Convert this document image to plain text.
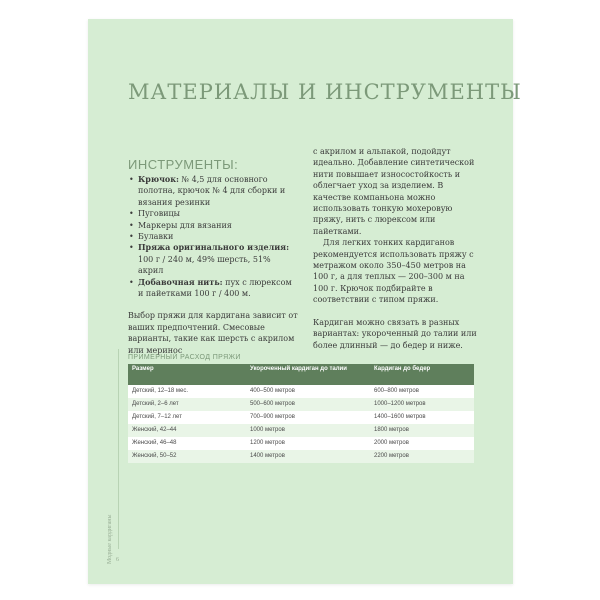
6
Модные кардиганы
МАТЕРИАЛЫ И ИНСТРУМЕНТЫ
ИНСТРУМЕНТЫ:
• Крючок: № 4,5 для основного полотна, крючок № 4 для сборки и вязания резинки
• Пуговицы
• Маркеры для вязания
• Булавки
• Пряжа оригинального изделия: 100 г / 240 м, 49% шерсть, 51% акрил
• Добавочная нить: пух с люрексом и пайетками 100 г / 400 м.

Выбор пряжи для кардигана зависит от ваших предпочтений. Смесовые варианты, такие как шерсть с акрилом или меринос

с акрилом и альпакой, подойдут идеально. Добавление синтетической нити повышает износостойкость и облегчает уход за изделием. В качестве компаньона можно использовать тонкую мохеровую пряжу, нить с люрексом или пайетками.

Для легких тонких кардиганов рекомендуется использовать пряжу с метражом около 350–450 метров на 100 г, а для теплых — 200–300 м на 100 г. Крючок подбирайте в соответствии с типом пряжи.

Кардиган можно связать в разных вариантах: укороченный до талии или более длинный — до бедер и ниже.

ПРИМЕРНЫЙ РАСХОД ПРЯЖИ
Размер	Укороченный кардиган до талии	Кардиган до бедер
Детский, 12–18 мес.	400–500 метров	600–800 метров
Детский, 2–6 лет	500–600 метров	1000–1200 метров
Детский, 7–12 лет	700–900 метров	1400–1600 метров
Женский, 42–44	1000 метров	1800 метров
Женский, 46–48	1200 метров	2000 метров
Женский, 50–52	1400 метров	2200 метров
